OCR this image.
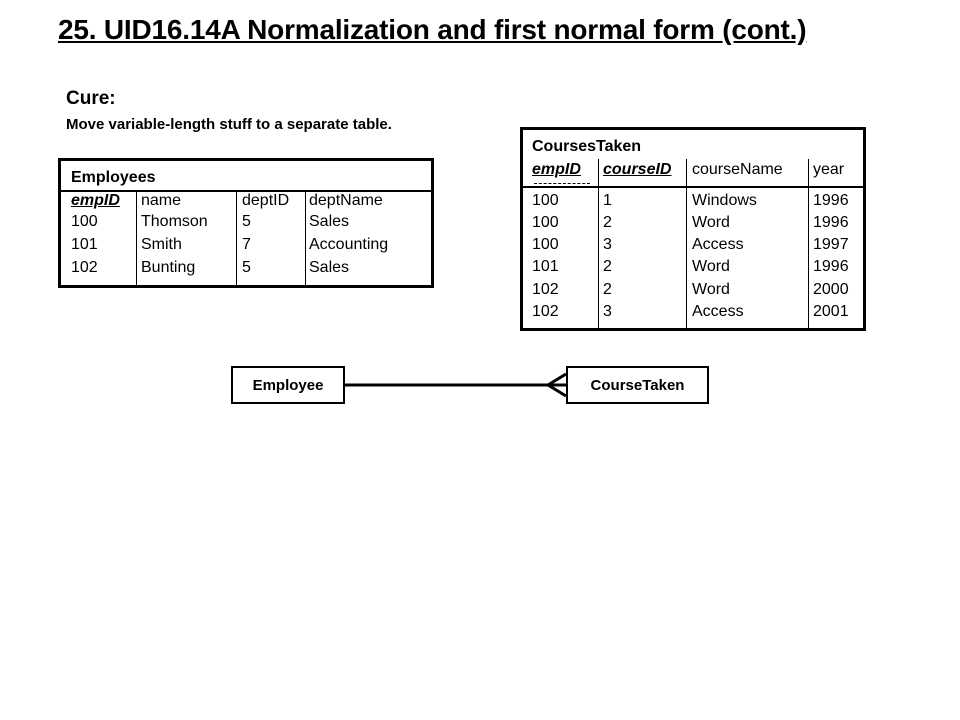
25. UID16.14A Normalization and first normal form (cont.)
Cure:
Move variable-length stuff to a separate table.
Employees
empID name	deptID deptName
100	Thomson 5	Sales
101	Smith	7	Accounting
102	Bunting	5	Sales
CoursesTaken
empID courseID courseName year
100	1	Windows	1996
100	2	Word	1996
100	3	Access	1997
101	2	Word	1996
102	2	Word	2000
102	3	Access	2001
Employee	CourseTaken
